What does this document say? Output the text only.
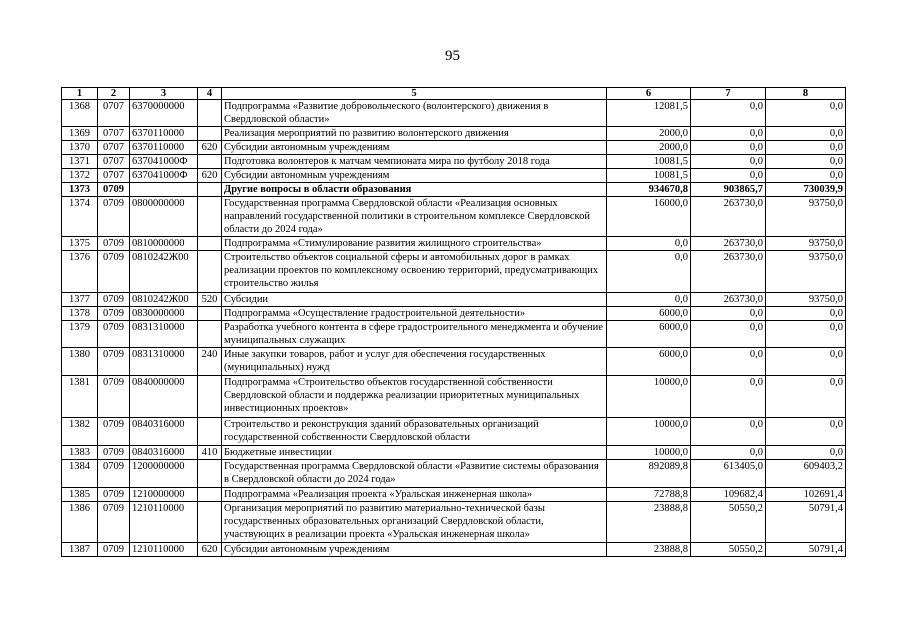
95
1	2	3	4	5	6	7	8
1368	0707	6370000000		Подпрограмма «Развитие добровольческого (волонтерского) движения в Свердловской области»	12081,5	0,0	0,0
1369	0707	6370110000		Реализация мероприятий по развитию волонтерского движения	2000,0	0,0	0,0
1370	0707	6370110000	620	Субсидии автономным учреждениям	2000,0	0,0	0,0
1371	0707	637041000Ф		Подготовка волонтеров к матчам чемпионата мира по футболу 2018 года	10081,5	0,0	0,0
1372	0707	637041000Ф	620	Субсидии автономным учреждениям	10081,5	0,0	0,0
1373	0709			Другие вопросы в области образования	934670,8	903865,7	730039,9
1374	0709	0800000000		Государственная программа Свердловской области «Реализация основных направлений государственной политики в строительном комплексе Свердловской области до 2024 года»	16000,0	263730,0	93750,0
1375	0709	0810000000		Подпрограмма «Стимулирование развития жилищного строительства»	0,0	263730,0	93750,0
1376	0709	0810242Ж00		Строительство объектов социальной сферы и автомобильных дорог в рамках реализации проектов по комплексному освоению территорий, предусматривающих строительство жилья	0,0	263730,0	93750,0
1377	0709	0810242Ж00	520	Субсидии	0,0	263730,0	93750,0
1378	0709	0830000000		Подпрограмма «Осуществление градостроительной деятельности»	6000,0	0,0	0,0
1379	0709	0831310000		Разработка учебного контента в сфере градостроительного менеджмента и обучение муниципальных служащих	6000,0	0,0	0,0
1380	0709	0831310000	240	Иные закупки товаров, работ и услуг для обеспечения государственных (муниципальных) нужд	6000,0	0,0	0,0
1381	0709	0840000000		Подпрограмма «Строительство объектов государственной собственности Свердловской области и поддержка реализации приоритетных муниципальных инвестиционных проектов»	10000,0	0,0	0,0
1382	0709	0840316000		Строительство и реконструкция зданий образовательных организаций государственной собственности Свердловской области	10000,0	0,0	0,0
1383	0709	0840316000	410	Бюджетные инвестиции	10000,0	0,0	0,0
1384	0709	1200000000		Государственная программа Свердловской области «Развитие системы образования в Свердловской области до 2024 года»	892089,8	613405,0	609403,2
1385	0709	1210000000		Подпрограмма «Реализация проекта «Уральская инженерная школа»	72788,8	109682,4	102691,4
1386	0709	1210110000		Организация мероприятий по развитию материально-технической базы государственных образовательных организаций Свердловской области, участвующих в реализации проекта «Уральская инженерная школа»	23888,8	50550,2	50791,4
1387	0709	1210110000	620	Субсидии автономным учреждениям	23888,8	50550,2	50791,4
